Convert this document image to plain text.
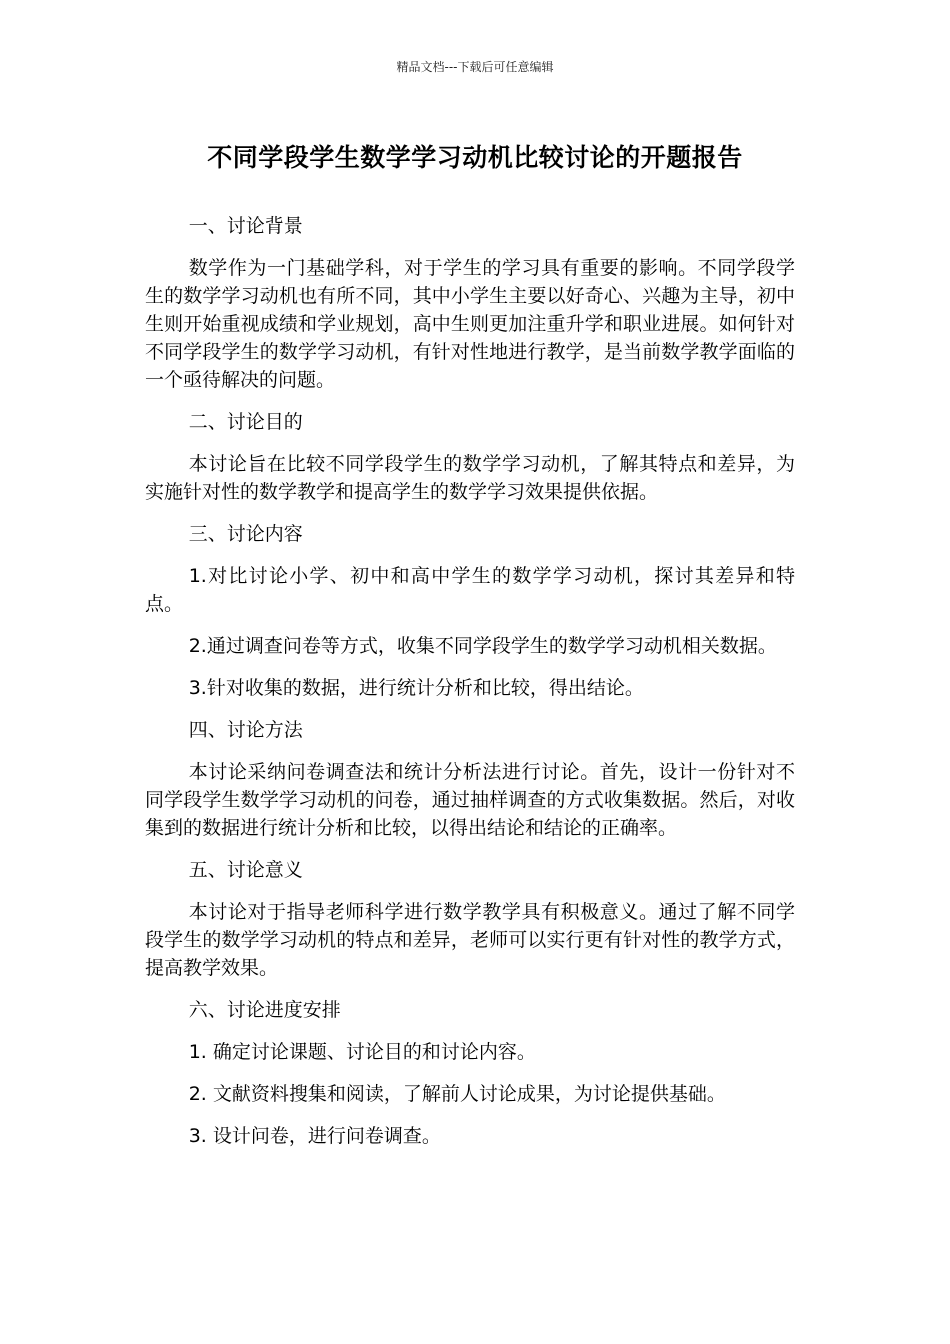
精品文档---下载后可任意编辑
不同学段学生数学学习动机比较讨论的开题报告

一、讨论背景

数学作为一门基础学科，对于学生的学习具有重要的影响。不同学段学生的数学学习动机也有所不同，其中小学生主要以好奇心、兴趣为主导，初中生则开始重视成绩和学业规划，高中生则更加注重升学和职业进展。如何针对不同学段学生的数学学习动机，有针对性地进行教学，是当前数学教学面临的一个亟待解决的问题。

二、讨论目的

本讨论旨在比较不同学段学生的数学学习动机，了解其特点和差异，为实施针对性的数学教学和提高学生的数学学习效果提供依据。

三、讨论内容

1.对比讨论小学、初中和高中学生的数学学习动机，探讨其差异和特点。

2.通过调查问卷等方式，收集不同学段学生的数学学习动机相关数据。

3.针对收集的数据，进行统计分析和比较，得出结论。

四、讨论方法

本讨论采纳问卷调查法和统计分析法进行讨论。首先，设计一份针对不同学段学生数学学习动机的问卷，通过抽样调查的方式收集数据。然后，对收集到的数据进行统计分析和比较，以得出结论和结论的正确率。

五、讨论意义

本讨论对于指导老师科学进行数学教学具有积极意义。通过了解不同学段学生的数学学习动机的特点和差异，老师可以实行更有针对性的教学方式，提高教学效果。

六、讨论进度安排

1. 确定讨论课题、讨论目的和讨论内容。

2. 文献资料搜集和阅读，了解前人讨论成果，为讨论提供基础。

3. 设计问卷，进行问卷调查。
